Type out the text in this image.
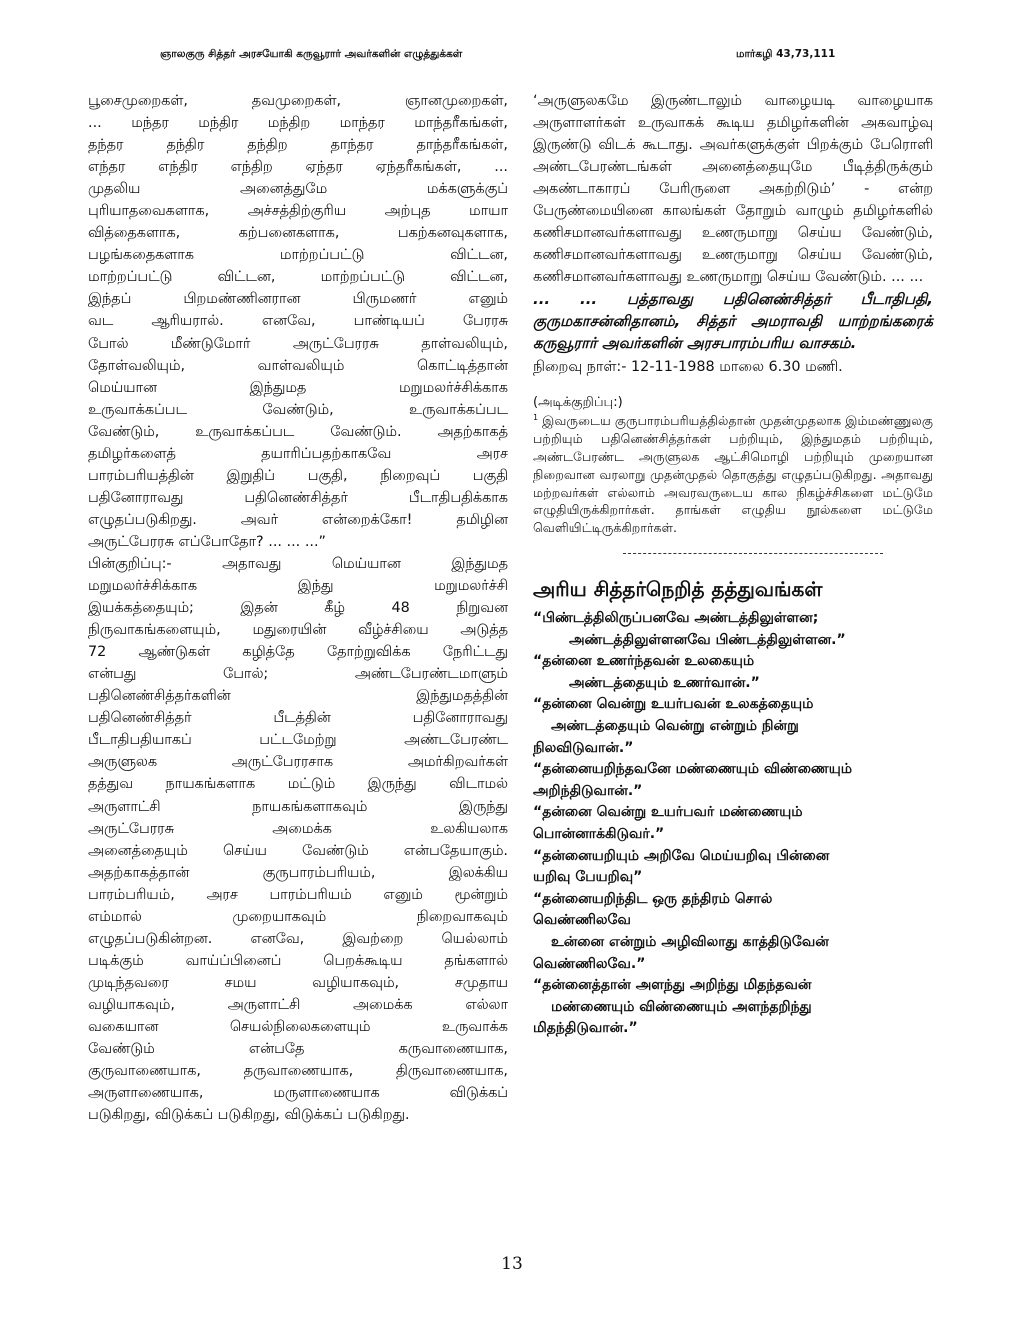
ஞாலகுரு சித்தர் அரசயோகி கருவூரார் அவர்களின் எழுத்துக்கள்	மார்கழி 43,73,111

பூசைமுறைகள், தவமுறைகள், ஞானமுறைகள்,

... மந்தர மந்திர மந்திற மாந்தர மாந்தரீகங்கள்,

தந்தர தந்திர தந்திற தாந்தர தாந்தரீகங்கள்,

எந்தர எந்திர எந்திற ஏந்தர ஏந்தரீகங்கள், ...

முதலிய அனைத்துமே மக்களுக்குப்

புரியாதவைகளாக, அச்சத்திற்குரிய அற்புத மாயா

வித்தைகளாக, கற்பனைகளாக, பகற்கனவுகளாக,

பழங்கதைகளாக மாற்றப்பட்டு விட்டன,

மாற்றப்பட்டு விட்டன, மாற்றப்பட்டு விட்டன,

இந்தப் பிறமண்ணினரான பிருமணர் எனும்

வட ஆரியரால். எனவே, பாண்டியப் பேரரசு

போல் மீண்டுமோர் அருட்பேரரசு தாள்வலியும்,

தோள்வலியும், வாள்வலியும் கொட்டித்தான்

மெய்யான இந்துமத மறுமலர்ச்சிக்காக

உருவாக்கப்பட வேண்டும், உருவாக்கப்பட

வேண்டும், உருவாக்கப்பட வேண்டும். அதற்காகத்

தமிழர்களைத் தயாரிப்பதற்காகவே அரச

பாரம்பரியத்தின் இறுதிப் பகுதி, நிறைவுப் பகுதி

பதினோராவது பதினெண்சித்தர் பீடாதிபதிக்காக

எழுதப்படுகிறது. அவர் என்றைக்கோ! தமிழின

அருட்பேரரசு எப்போதோ? ... ... ...”

பின்குறிப்பு:- அதாவது மெய்யான இந்துமத

மறுமலர்ச்சிக்காக இந்து மறுமலர்ச்சி

இயக்கத்தையும்; இதன் கீழ் 48 நிறுவன

நிருவாகங்களையும், மதுரையின் வீழ்ச்சியை அடுத்த

72 ஆண்டுகள் கழித்தே தோற்றுவிக்க நேரிட்டது

என்பது போல்; அண்டபேரண்டமாளும்

பதினெண்சித்தர்களின் இந்துமதத்தின்

பதினெண்சித்தர் பீடத்தின் பதினோராவது

பீடாதிபதியாகப் பட்டமேற்று அண்டபேரண்ட

அருளுலக அருட்பேரரசாக அமர்கிறவர்கள்

தத்துவ நாயகங்களாக மட்டும் இருந்து விடாமல்

அருளாட்சி நாயகங்களாகவும் இருந்து

அருட்பேரரசு அமைக்க உலகியலாக

அனைத்தையும் செய்ய வேண்டும் என்பதேயாகும்.

அதற்காகத்தான் குருபாரம்பரியம், இலக்கிய

பாரம்பரியம், அரச பாரம்பரியம் எனும் மூன்றும்

எம்மால் முறையாகவும் நிறைவாகவும்

எழுதப்படுகின்றன. எனவே, இவற்றை யெல்லாம்

படிக்கும் வாய்ப்பினைப் பெறக்கூடிய தங்களால்

முடிந்தவரை சமய வழியாகவும், சமுதாய

வழியாகவும், அருளாட்சி அமைக்க எல்லா

வகையான செயல்நிலைகளையும் உருவாக்க

வேண்டும் என்பதே கருவாணையாக,

குருவாணையாக, தருவாணையாக, திருவாணையாக,

அருளாணையாக, மருளாணையாக விடுக்கப்

படுகிறது, விடுக்கப் படுகிறது, விடுக்கப் படுகிறது.

‘அருளுலகமே இருண்டாலும் வாழையடி வாழையாக அருளாளர்கள் உருவாகக் கூடிய தமிழர்களின் அகவாழ்வு இருண்டு விடக் கூடாது. அவர்களுக்குள் பிறக்கும் பேரொளி அண்டபேரண்டங்கள் அனைத்தையுமே பீடித்திருக்கும் அகண்டாகாரப் பேரிருளை அகற்றிடும்’ - என்ற பேருண்மையினை காலங்கள் தோறும் வாழும் தமிழர்களில் கணிசமானவர்களாவது உணருமாறு செய்ய வேண்டும், கணிசமானவர்களாவது உணருமாறு செய்ய வேண்டும், கணிசமானவர்களாவது உணருமாறு செய்ய வேண்டும். ... ...

... ... பத்தாவது பதினெண்சித்தர் பீடாதிபதி, குருமகாசன்னிதானம், சித்தர் அமராவதி யாற்றங்கரைக் கருவூரார் அவர்களின் அரசபாரம்பரிய வாசகம்.

நிறைவு நாள்:- 12-11-1988 மாலை 6.30 மணி.
(அடிக்குறிப்பு:)

$^1$ இவருடைய குருபாரம்பரியத்தில்தான் முதன்முதலாக இம்மண்ணுலகு பற்றியும் பதினெண்சித்தர்கள் பற்றியும், இந்துமதம் பற்றியும், அண்டபேரண்ட அருளுலக ஆட்சிமொழி பற்றியும் முறையான நிறைவான வரலாறு முதன்முதல் தொகுத்து எழுதப்படுகிறது. அதாவது மற்றவர்கள் எல்லாம் அவரவருடைய கால நிகழ்ச்சிகளை மட்டுமே எழுதியிருக்கிறார்கள். தாங்கள் எழுதிய நூல்களை மட்டுமே வெளியிட்டிருக்கிறார்கள்.

அரிய சித்தர்நெறித் தத்துவங்கள்
“பிண்டத்திலிருப்பனவே அண்டத்திலுள்ளன;
அண்டத்திலுள்ளனவே பிண்டத்திலுள்ளன.”
“தன்னை உணர்ந்தவன் உலகையும்
அண்டத்தையும் உணர்வான்.”
“தன்னை வென்று உயர்பவன் உலகத்தையும்
அண்டத்தையும் வென்று என்றும் நின்று
நிலவிடுவான்.”
“தன்னையறிந்தவனே மண்ணையும் விண்ணையும்
அறிந்திடுவான்.”
“தன்னை வென்று உயர்பவர் மண்ணையும்
பொன்னாக்கிடுவர்.”
“தன்னையறியும் அறிவே மெய்யறிவு பின்னை
யறிவு பேயறிவு”
“தன்னையறிந்திட ஒரு தந்திரம் சொல்
வெண்ணிலவே
உன்னை என்றும் அழிவிலாது காத்திடுவேன்
வெண்ணிலவே.”
“தன்னைத்தான் அளந்து அறிந்து மிதந்தவன்
மண்ணையும் விண்ணையும் அளந்தறிந்து
மிதந்திடுவான்.”
13
